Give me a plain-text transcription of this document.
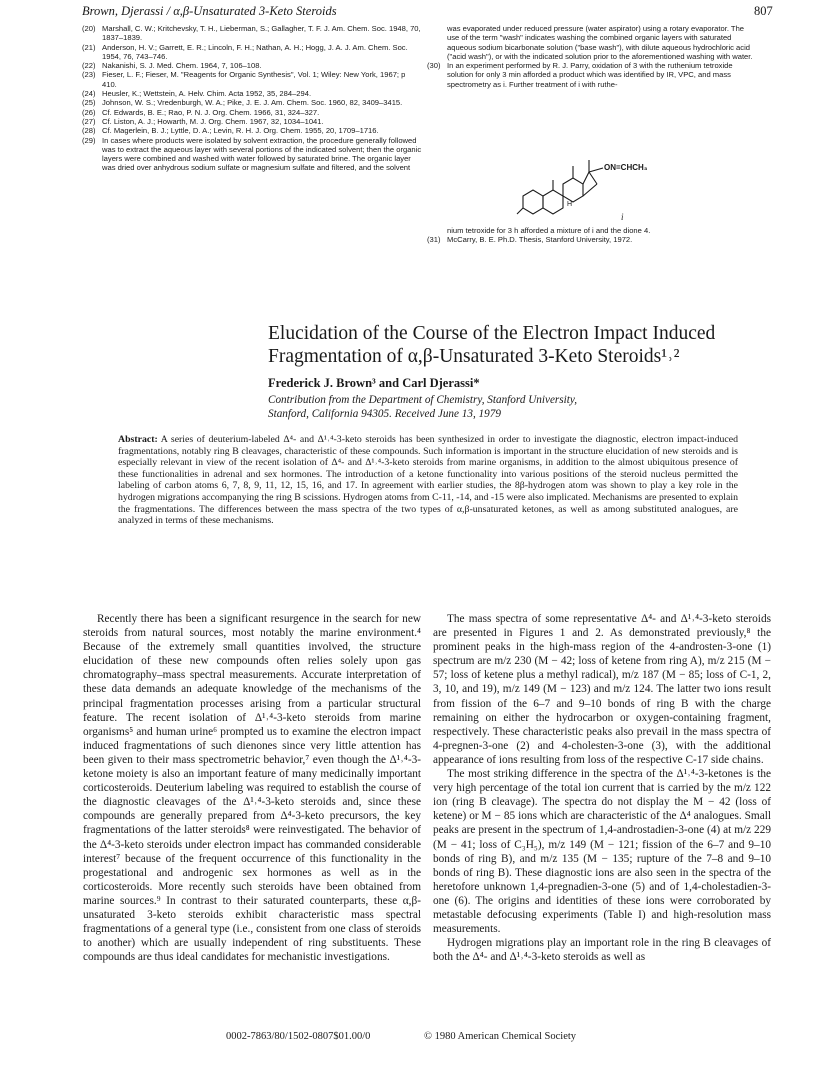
Brown, Djerassi / α,β-Unsaturated 3-Keto Steroids	807
(20) Marshall, C. W.; Kritchevsky, T. H., Lieberman, S.; Gallagher, T. F. J. Am. Chem. Soc. 1948, 70, 1837–1839.
(21) Anderson, H. V.; Garrett, E. R.; Lincoln, F. H.; Nathan, A. H.; Hogg, J. A. J. Am. Chem. Soc. 1954, 76, 743–746.
(22) Nakanishi, S. J. Med. Chem. 1964, 7, 106–108.
(23) Fieser, L. F.; Fieser, M. "Reagents for Organic Synthesis", Vol. 1; Wiley: New York, 1967; p 410.
(24) Heusler, K.; Wettstein, A. Helv. Chim. Acta 1952, 35, 284–294.
(25) Johnson, W. S.; Vredenburgh, W. A.; Pike, J. E. J. Am. Chem. Soc. 1960, 82, 3409–3415.
(26) Cf. Edwards, B. E.; Rao, P. N. J. Org. Chem. 1966, 31, 324–327.
(27) Cf. Liston, A. J.; Howarth, M. J. Org. Chem. 1967, 32, 1034–1041.
(28) Cf. Magerlein, B. J.; Lyttle, D. A.; Levin, R. H. J. Org. Chem. 1955, 20, 1709–1716.
(29) In cases where products were isolated by solvent extraction, the procedure generally followed was to extract the aqueous layer with several portions of the indicated solvent; then the organic layers were combined and washed with water followed by saturated brine. The organic layer was dried over anhydrous sodium sulfate or magnesium sulfate and filtered, and the solvent
was evaporated under reduced pressure (water aspirator) using a rotary evaporator. The use of the term "wash" indicates washing the combined organic layers with saturated aqueous sodium bicarbonate solution ("base wash"), with dilute aqueous hydrochloric acid ("acid wash"), or with the indicated solution prior to the aforementioned washing with water.
(30) In an experiment performed by R. J. Parry, oxidation of 3 with the ruthenium tetroxide solution for only 3 min afforded a product which was identified by IR, VPC, and mass spectrometry as i. Further treatment of i with ruthe-
ON=CHCH₃
H
i
nium tetroxide for 3 h afforded a mixture of i and the dione 4.
(31) McCarry, B. E. Ph.D. Thesis, Stanford University, 1972.
Elucidation of the Course of the Electron Impact Induced
Fragmentation of α,β-Unsaturated 3-Keto Steroids¹˒²
Frederick J. Brown³ and Carl Djerassi*
Contribution from the Department of Chemistry, Stanford University,
Stanford, California 94305. Received June 13, 1979
Abstract: A series of deuterium-labeled Δ⁴- and Δ¹˒⁴-3-keto steroids has been synthesized in order to investigate the diagnostic, electron impact-induced fragmentations, notably ring B cleavages, characteristic of these compounds. Such information is important in the structure elucidation of new steroids and is especially relevant in view of the recent isolation of Δ⁴- and Δ¹˒⁴-3-keto steroids from marine organisms, in addition to the almost ubiquitous presence of these functionalities in adrenal and sex hormones. The introduction of a ketone functionality into various positions of the steroid nucleus permitted the labeling of carbon atoms 6, 7, 8, 9, 11, 12, 15, 16, and 17. In agreement with earlier studies, the 8β-hydrogen atom was shown to play a key role in the hydrogen migrations accompanying the ring B scissions. Hydrogen atoms from C-11, -14, and -15 were also implicated. Mechanisms are presented to explain the fragmentations. The differences between the mass spectra of the two types of α,β-unsaturated ketones, as well as among substituted analogues, are analyzed in terms of these mechanisms.

Recently there has been a significant resurgence in the search for new steroids from natural sources, most notably the marine environment.⁴ Because of the extremely small quantities involved, the structure elucidation of these new compounds often relies solely upon gas chromatography–mass spectral measurements. Accurate interpretation of these data demands an adequate knowledge of the mechanisms of the principal fragmentation processes arising from a particular structural feature. The recent isolation of Δ¹˒⁴-3-keto steroids from marine organisms⁵ and human urine⁶ prompted us to examine the electron impact induced fragmentations of such dienones since very little attention has been given to their mass spectrometric behavior,⁷ even though the Δ¹˒⁴-3-ketone moiety is also an important feature of many medicinally important corticosteroids. Deuterium labeling was required to establish the course of the diagnostic cleavages of the Δ¹˒⁴-3-keto steroids and, since these compounds are generally prepared from Δ⁴-3-keto precursors, the key fragmentations of the latter steroids⁸ were reinvestigated. The behavior of the Δ⁴-3-keto steroids under electron impact has commanded considerable interest⁷ because of the frequent occurrence of this functionality in the progestational and androgenic sex hormones as well as in the corticosteroids. More recently such steroids have been obtained from marine sources.⁹ In contrast to their saturated counterparts, these α,β-unsaturated 3-keto steroids exhibit characteristic mass spectral fragmentations of a general type (i.e., consistent from one class of steroids to another) which are usually independent of ring substituents. These compounds are thus ideal candidates for mechanistic investigations.

The mass spectra of some representative Δ⁴- and Δ¹˒⁴-3-keto steroids are presented in Figures 1 and 2. As demonstrated previously,⁸ the prominent peaks in the high-mass region of the 4-androsten-3-one (1) spectrum are m/z 230 (M − 42; loss of ketene from ring A), m/z 215 (M − 57; loss of ketene plus a methyl radical), m/z 187 (M − 85; loss of C-1, 2, 3, 10, and 19), m/z 149 (M − 123) and m/z 124. The latter two ions result from fission of the 6–7 and 9–10 bonds of ring B with the charge remaining on either the hydrocarbon or oxygen-containing fragment, respectively. These characteristic peaks also prevail in the mass spectra of 4-pregnen-3-one (2) and 4-cholesten-3-one (3), with the additional appearance of ions resulting from loss of the respective C-17 side chains.

The most striking difference in the spectra of the Δ¹˒⁴-3-ketones is the very high percentage of the total ion current that is carried by the m/z 122 ion (ring B cleavage). The spectra do not display the M − 42 (loss of ketene) or M − 85 ions which are characteristic of the Δ⁴ analogues. Small peaks are present in the spectrum of 1,4-androstadien-3-one (4) at m/z 229 (M − 41; loss of C₃H₅), m/z 149 (M − 121; fission of the 6–7 and 9–10 bonds of ring B), and m/z 135 (M − 135; rupture of the 7–8 and 9–10 bonds of ring B). These diagnostic ions are also seen in the spectra of the heretofore unknown 1,4-pregnadien-3-one (5) and of 1,4-cholestadien-3-one (6). The origins and identities of these ions were corroborated by metastable defocusing experiments (Table I) and high-resolution mass measurements.

Hydrogen migrations play an important role in the ring B cleavages of both the Δ⁴- and Δ¹˒⁴-3-keto steroids as well as

0002-7863/80/1502-0807$01.00/0	© 1980 American Chemical Society
